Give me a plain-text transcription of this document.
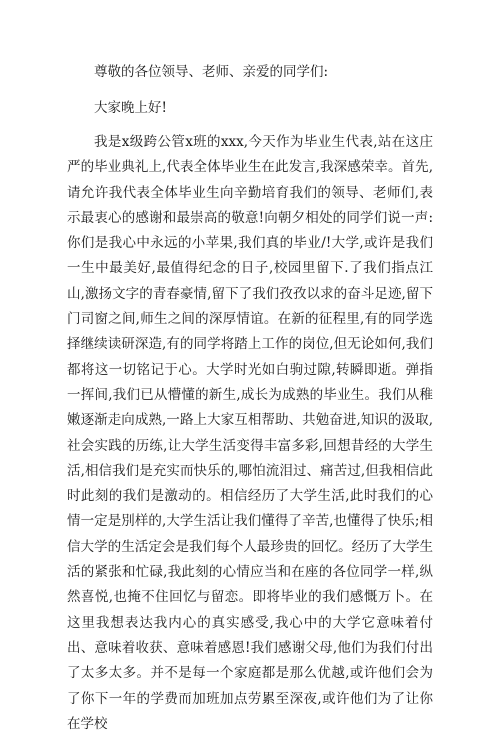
尊敬的各位领导、老师、亲爱的同学们:

大家晚上好!

我是x级跨公管x班的xxx,今天作为毕业生代表,站在这庄严的毕业典礼上,代表全体毕业生在此发言,我深感荣幸。首先,请允许我代表全体毕业生向辛勤培育我们的领导、老师们,表示最衷心的感谢和最崇高的敬意!向朝夕相处的同学们说一声:你们是我心中永远的小苹果,我们真的毕业/!大学,或许是我们一生中最美好,最值得纪念的日子,校园里留下.了我们指点江山,激扬文字的青春豪情,留下了我们孜孜以求的奋斗足迹,留下门司窗之间,师生之间的深厚情谊。在新的征程里,有的同学选择继续读研深造,有的同学将踏上工作的岗位,但无论如何,我们都将这一切铭记于心。大学时光如白驹过隙,转瞬即逝。弹指一挥间,我们已从懵懂的新生,成长为成熟的毕业生。我们从稚嫩逐渐走向成熟,一路上大家互相帮助、共勉奋进,知识的汲取,社会实践的历练,让大学生活变得丰富多彩,回想昔经的大学生活,相信我们是充实而快乐的,哪怕流泪过、痛苦过,但我相信此时此刻的我们是激动的。相信经历了大学生活,此时我们的心情一定是別样的,大学生活让我们懂得了辛苦,也懂得了快乐;相信大学的生活定会是我们每个人最珍贵的回忆。经历了大学生活的紧张和忙碌,我此刻的心情应当和在座的各位同学一样,纵然喜悦,也掩不住回忆与留恋。即将毕业的我们感慨万卜。在这里我想表达我内心的真实感受,我心中的大学它意味着付出、意味着收获、意味着感恩!我们感谢父母,他们为我们付出了太多太多。并不是每一个家庭都是那么优越,或许他们会为了你下一年的学费而加班加点劳累至深夜,或许他们为了让你在学校
